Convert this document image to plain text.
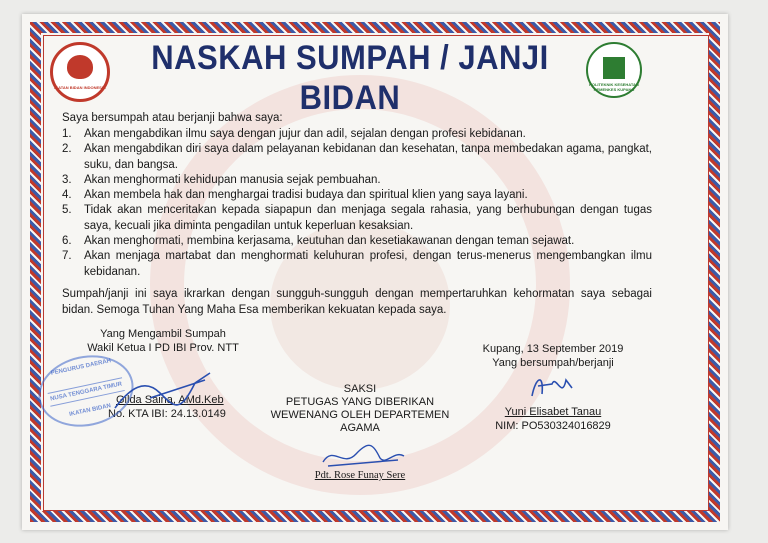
IKATAN BIDAN INDONESIA
NASKAH SUMPAH / JANJI BIDAN	POLITEKNIK KESEHATAN KEMENKES KUPANG
Saya bersumpah atau berjanji bahwa saya:
1.	Akan mengabdikan ilmu saya dengan jujur dan adil, sejalan dengan profesi kebidanan.
2.	Akan mengabdikan diri saya dalam pelayanan kebidanan dan kesehatan, tanpa membedakan agama, pangkat, suku, dan bangsa.
3.	Akan menghormati kehidupan manusia sejak pembuahan.
4.	Akan membela hak dan menghargai tradisi budaya dan spiritual klien yang saya layani.
5.	Tidak akan menceritakan kepada siapapun dan menjaga segala rahasia, yang berhubungan dengan tugas saya, kecuali jika diminta pengadilan untuk keperluan kesaksian.
6.	Akan menghormati, membina kerjasama, keutuhan dan kesetiakawanan dengan teman sejawat.
7.	Akan menjaga martabat dan menghormati keluhuran profesi, dengan terus-menerus mengembangkan ilmu kebidanan.
Sumpah/janji ini saya ikrarkan dengan sungguh-sungguh dengan mempertaruhkan kehormatan saya sebagai bidan. Semoga Tuhan Yang Maha Esa memberikan kekuatan kepada saya.
Yang Mengambil Sumpah
Wakil Ketua I PD IBI Prov. NTT
Gilda Saina, AMd.Keb
No. KTA IBI: 24.13.0149
PENGURUS DAERAH
NUSA TENGGARA TIMUR
IKATAN BIDAN
SAKSI
PETUGAS YANG DIBERIKAN
WEWENANG OLEH DEPARTEMEN
AGAMA
Pdt. Rose Funay Sere
Kupang, 13 September 2019
Yang bersumpah/berjanji
Yuni Elisabet Tanau
NIM: PO530324016829
